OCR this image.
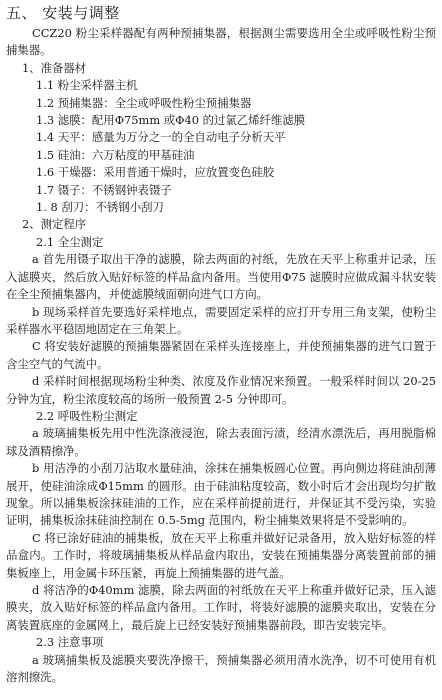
五、 安装与调整

CCZ20 粉尘采样器配有两种预捕集器，根据测尘需要选用全尘或呼吸性粉尘预捕集器。

1、准备器材

1.1 粉尘采样器主机

1.2 预捕集器：全尘或呼吸性粉尘预捕集器

1.3 滤膜：配用Φ75mm 或Φ40 的过氯乙烯纤维滤膜

1.4 天平：感量为万分之一的全自动电子分析天平

1.5 硅油：六万粘度的甲基硅油

1.6 干燥器：采用普通干燥时，应放置变色硅胶

1.7 镊子：不锈钢钟表镊子

1. 8 刮刀：不锈钢小刮刀

2、测定程序

2.1 全尘测定

a 首先用镊子取出干净的滤膜，除去两面的衬纸，先放在天平上称重并记录，压入滤膜夹，然后放入贴好标签的样品盒内备用。当使用Φ75 滤膜时应做成漏斗状安装在全尘预捕集器内，并使滤膜绒面朝向进气口方向。

b 现场采样首先要选好采样地点，需要固定采样的应打开专用三角支架，使粉尘采样器水平稳固地固定在三角架上。

C 将安装好滤膜的预捕集器紧固在采样头连接座上，并使预捕集器的进气口置于含尘空气的气流中。

d 采样时间根据现场粉尘种类、浓度及作业情况来预置。一般采样时间以 20-25 分钟为宜，粉尘浓度较高的场所一般预置 2-5 分钟即可。

2.2 呼吸性粉尘测定

a 玻璃捕集板先用中性洗涤液浸泡，除去表面污渍，经清水漂洗后，再用脱脂棉球及酒精擦净。

b 用洁净的小刮刀沾取水量硅油，涂抹在捕集板圆心位置。再向侧边将硅油刮薄展开，使硅油涂成Φ15mm 的圆形。由于硅油粘度较高，数小时后才会出现均匀扩散现象。所以捕集板涂抹硅油的工作，应在采样前提前进行，并保证其不受污染，实验证明，捕集板涂抹硅油控制在 0.5-5mg 范围内，粉尘捕集效果将是不受影响的。

C 将已涂好硅油的捕集板，放在天平上称重并做好记录备用，放入贴好标签的样品盒内。工作时，将玻璃捕集板从样品盒内取出，安装在预捕集器分离装置前部的捕集板座上，用金属卡环压紧，再旋上预捕集器的进气盖。

d 将洁净的Φ40mm 滤膜，除去两面的衬纸放在天平上称重并做好记录，压入滤膜夹，放入贴好标签的样品盒内备用。工作时，将装好滤膜的滤膜夹取出，安装在分离装置底座的金属网上，最后旋上已经安装好预捕集器前段，即告安装完毕。

2.3 注意事项

a 玻璃捕集板及滤膜夹要洗净擦干，预捕集器必须用清水洗净，切不可使用有机溶剂擦洗。
